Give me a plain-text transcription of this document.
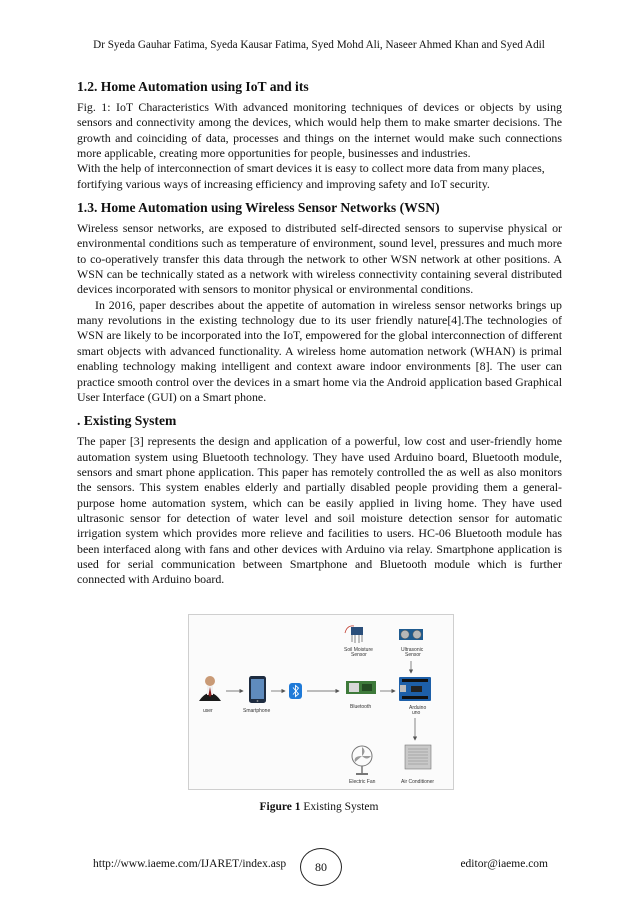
Dr Syeda Gauhar Fatima, Syeda Kausar Fatima, Syed Mohd Ali, Naseer Ahmed Khan and Syed Adil
1.2. Home Automation using IoT and its

Fig. 1: IoT Characteristics With advanced monitoring techniques of devices or objects by using sensors and connectivity among the devices, which would help them to make smarter decisions. The growth and coinciding of data, processes and things on the internet would make such connections more applicable, creating more opportunities for people, businesses and industries.

With the help of interconnection of smart devices it is easy to collect more data from many places, fortifying various ways of increasing efficiency and improving safety and IoT security.

1.3. Home Automation using Wireless Sensor Networks (WSN)

Wireless sensor networks, are exposed to distributed self-directed sensors to supervise physical or environmental conditions such as temperature of environment, sound level, pressures and much more to co-operatively transfer this data through the network to other WSN network at other positions. A WSN can be technically stated as a network with wireless connectivity containing several distributed devices incorporated with sensors to monitor physical or environmental conditions.

In 2016, paper describes about the appetite of automation in wireless sensor networks brings up many revolutions in the existing technology due to its user friendly nature[4].The technologies of WSN are likely to be incorporated into the IoT, empowered for the global interconnection of different smart objects with advanced functionality. A wireless home automation network (WHAN) is primal enabling technology making intelligent and context aware indoor environments [8]. The user can practice smooth control over the devices in a smart home via the Android application based Graphical User Interface (GUI) on a Smart phone.

. Existing System

The paper [3] represents the design and application of a powerful, low cost and user-friendly home automation system using Bluetooth technology. They have used Arduino board, Bluetooth module, sensors and smart phone application. This paper has remotely controlled the as well as also monitors the sensors. This system enables elderly and partially disabled people providing them a general-purpose home automation system, which can be easily applied in living home. They have used ultrasonic sensor for detection of water level and soil moisture detection sensor for automatic irrigation system which provides more relieve and facilities to users. HC-06 Bluetooth module has been interfaced along with fans and other devices with Arduino via relay. Smartphone application is used for serial communication between Smartphone and Bluetooth module which is further connected with Arduino board.

user	Smartphone
Soil Moisture
Sensor
Ultrasonic
Sensor
Bluetooth	Arduino
uno
Electric Fan	Air Conditioner
Figure 1 Existing System
http://www.iaeme.com/IJARET/index.asp	80	editor@iaeme.com
